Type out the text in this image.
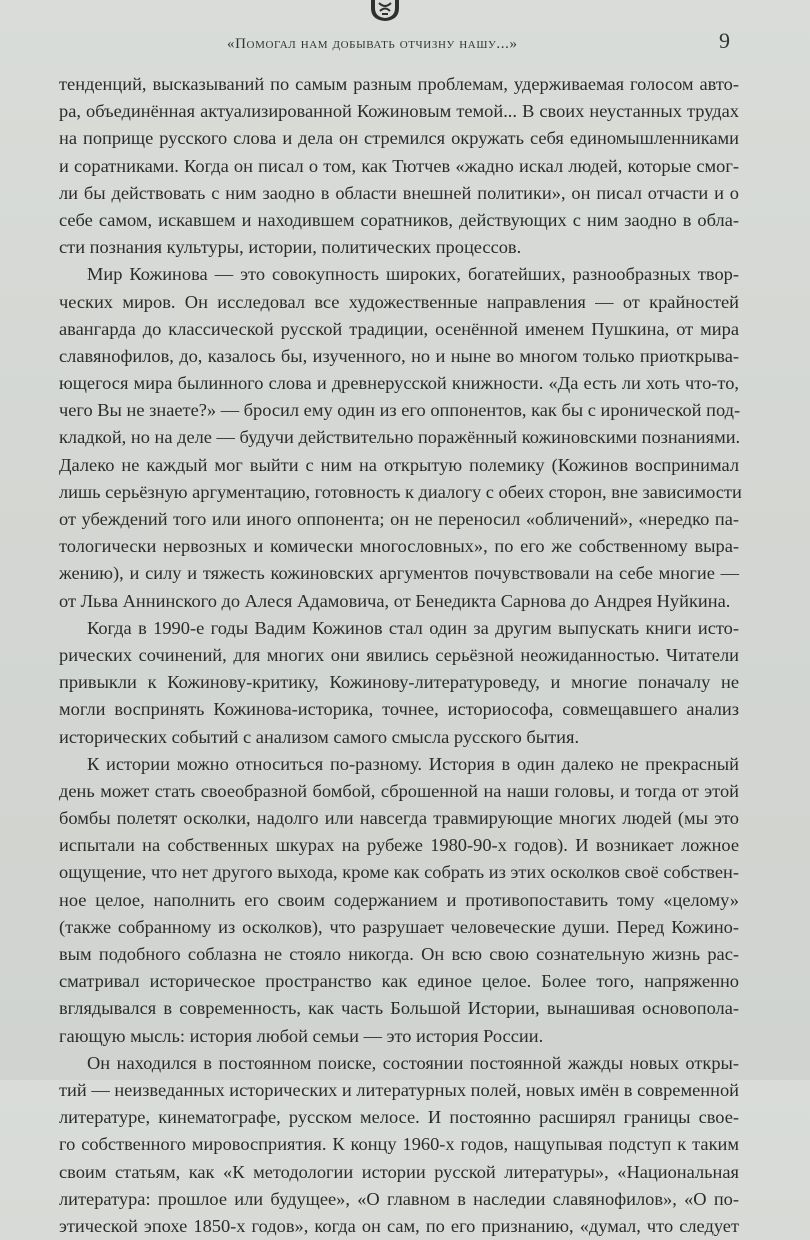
«Помогал нам добывать отчизну нашу...»	9
тенденций, высказываний по самым разным проблемам, удерживаемая голосом авто-
ра, объединённая актуализированной Кожиновым темой... В своих неустанных трудах
на поприще русского слова и дела он стремился окружать себя единомышленниками
и соратниками. Когда он писал о том, как Тютчев «жадно искал людей, которые смог-
ли бы действовать с ним заодно в области внешней политики», он писал отчасти и о
себе самом, искавшем и находившем соратников, действующих с ним заодно в обла-
сти познания культуры, истории, политических процессов.
Мир Кожинова — это совокупность широких, богатейших, разнообразных твор-
ческих миров. Он исследовал все художественные направления — от крайностей
авангарда до классической русской традиции, осенённой именем Пушкина, от мира
славянофилов, до, казалось бы, изученного, но и ныне во многом только приоткрыва-
ющегося мира былинного слова и древнерусской книжности. «Да есть ли хоть что-то,
чего Вы не знаете?» — бросил ему один из его оппонентов, как бы с иронической под-
кладкой, но на деле — будучи действительно поражённый кожиновскими познаниями.
Далеко не каждый мог выйти с ним на открытую полемику (Кожинов воспринимал
лишь серьёзную аргументацию, готовность к диалогу с обеих сторон, вне зависимости
от убеждений того или иного оппонента; он не переносил «обличений», «нередко па-
тологически нервозных и комически многословных», по его же собственному выра-
жению), и силу и тяжесть кожиновских аргументов почувствовали на себе многие —
от Льва Аннинского до Алеся Адамовича, от Бенедикта Сарнова до Андрея Нуйкина.
Когда в 1990-е годы Вадим Кожинов стал один за другим выпускать книги исто-
рических сочинений, для многих они явились серьёзной неожиданностью. Читатели
привыкли к Кожинову-критику, Кожинову-литературоведу, и многие поначалу не
могли воспринять Кожинова-историка, точнее, историософа, совмещавшего анализ
исторических событий с анализом самого смысла русского бытия.
К истории можно относиться по-разному. История в один далеко не прекрасный
день может стать своеобразной бомбой, сброшенной на наши головы, и тогда от этой
бомбы полетят осколки, надолго или навсегда травмирующие многих людей (мы это
испытали на собственных шкурах на рубеже 1980-90-х годов). И возникает ложное
ощущение, что нет другого выхода, кроме как собрать из этих осколков своё собствен-
ное целое, наполнить его своим содержанием и противопоставить тому «целому»
(также собранному из осколков), что разрушает человеческие души. Перед Кожино-
вым подобного соблазна не стояло никогда. Он всю свою сознательную жизнь рас-
сматривал историческое пространство как единое целое. Более того, напряженно
вглядывался в современность, как часть Большой Истории, вынашивая основопола-
гающую мысль: история любой семьи — это история России.
Он находился в постоянном поиске, состоянии постоянной жажды новых откры-
тий — неизведанных исторических и литературных полей, новых имён в современной
литературе, кинематографе, русском мелосе. И постоянно расширял границы свое-
го собственного мировосприятия. К концу 1960-х годов, нащупывая подступ к таким
своим статьям, как «К методологии истории русской литературы», «Национальная
литература: прошлое или будущее», «О главном в наследии славянофилов», «О по-
этической эпохе 1850-х годов», когда он сам, по его признанию, «думал, что следует
